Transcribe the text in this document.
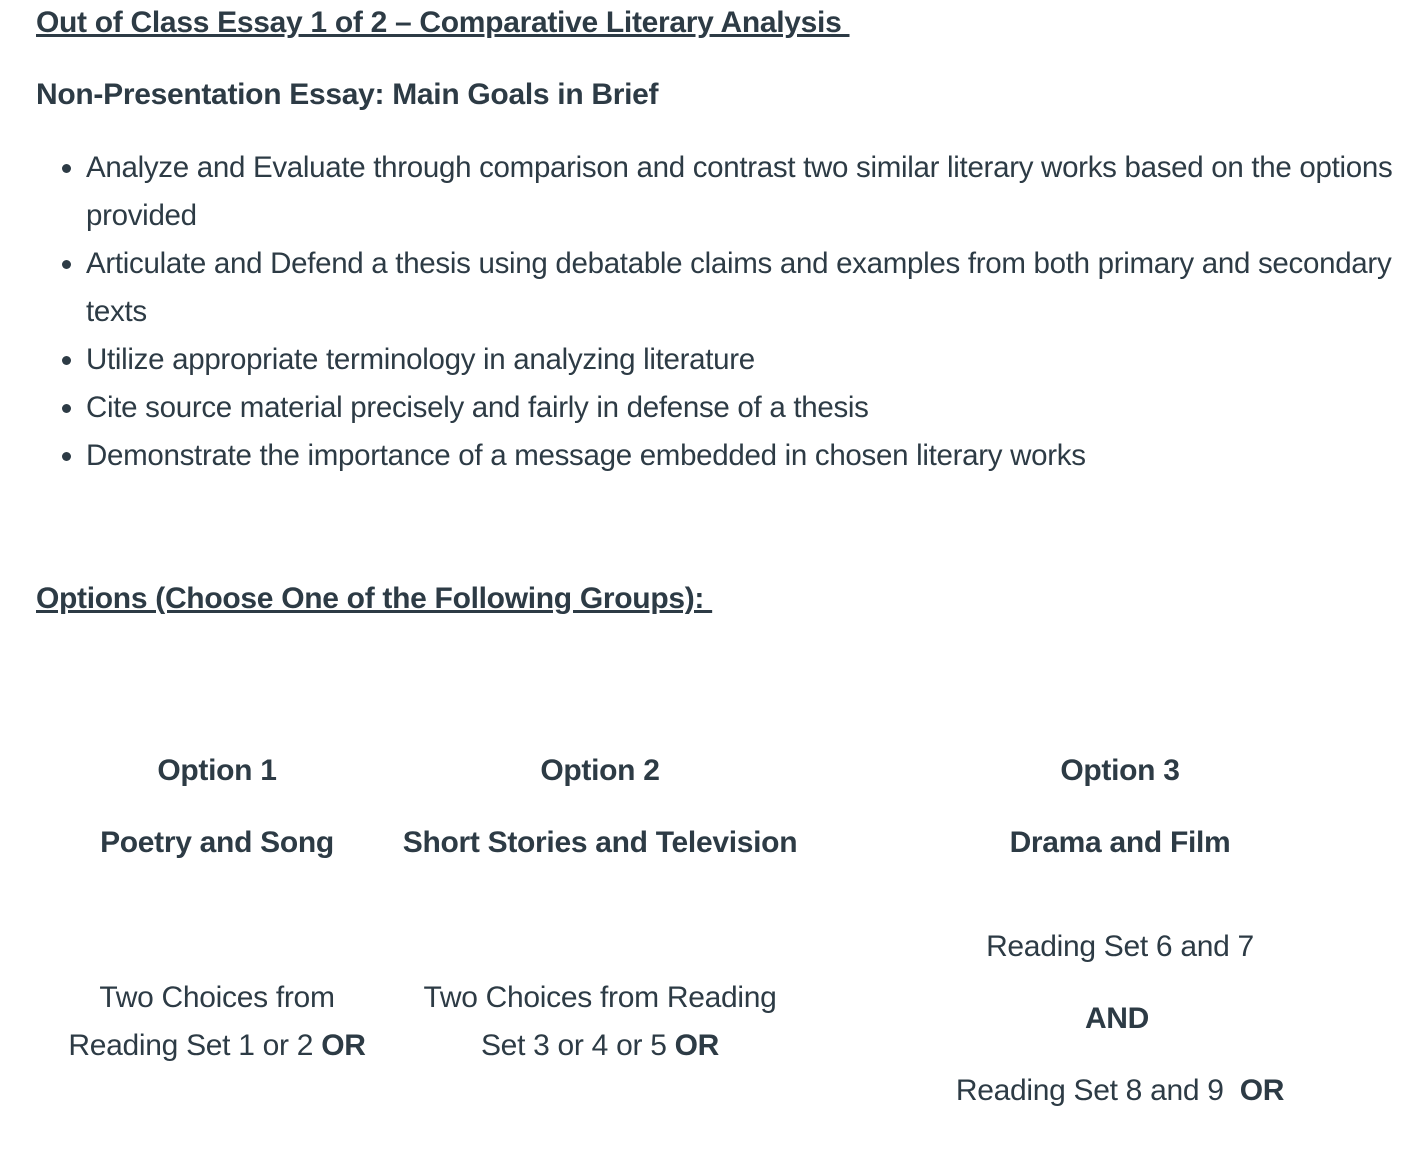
Out of Class Essay 1 of 2 – Comparative Literary Analysis
Non-Presentation Essay: Main Goals in Brief
• Analyze and Evaluate through comparison and contrast two similar literary works based on the options provided
• Articulate and Defend a thesis using debatable claims and examples from both primary and secondary texts
• Utilize appropriate terminology in analyzing literature
• Cite source material precisely and fairly in defense of a thesis
• Demonstrate the importance of a message embedded in chosen literary works
Options (Choose One of the Following Groups):
Option 1
Poetry and Song
Two Choices from
Reading Set 1 or 2 OR
Option 2
Short Stories and Television
Two Choices from Reading
Set 3 or 4 or 5 OR
Option 3
Drama and Film
Reading Set 6 and 7
AND
Reading Set 8 and 9  OR
